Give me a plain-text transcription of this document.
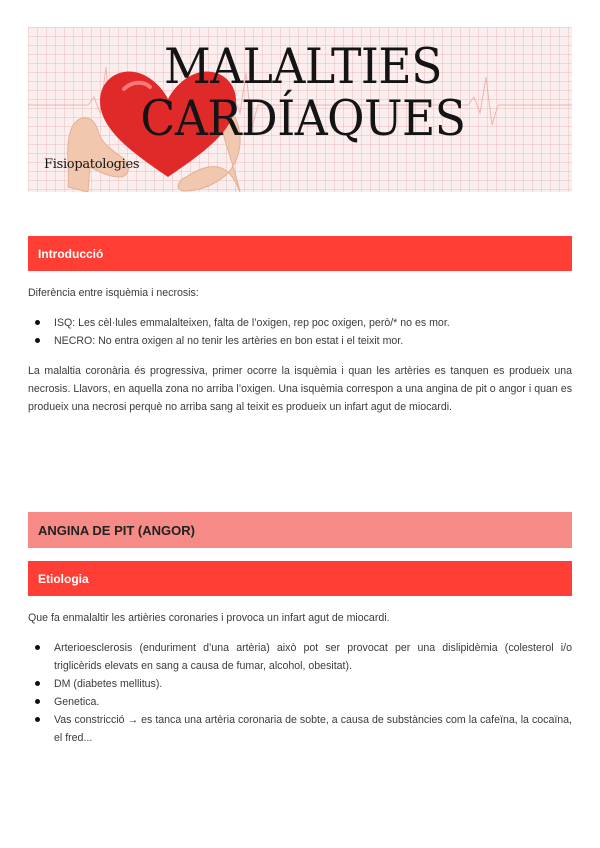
MALALTIES
CARDÍAQUES
Fisiopatologies
Introducció

Diferència entre isquèmia i necrosis:

ISQ: Les cèl·lules emmalalteixen, falta de l’oxigen, rep poc oxigen, però/* no es mor.
NECRO: No entra oxigen al no tenir les artèries en bon estat i el teixit mor.

La malaltia coronària és progressiva, primer ocorre la isquèmia i quan les artèries es tanquen es produeix una necrosis. Llavors, en aquella zona no arriba l’oxigen. Una isquèmia correspon a una angina de pit o angor i quan es produeix una necrosi perquè no arriba sang al teixit es produeix un infart agut de miocardi.

ANGINA DE PIT (ANGOR)
Etiologia

Que fa enmalaltir les artièries coronaries i provoca un infart agut de miocardi.

Arterioesclerosis (enduriment d’una artèria) això pot ser provocat per una dislipidèmia (colesterol i/o triglicèrids elevats en sang a causa de fumar, alcohol, obesitat).
DM (diabetes mellitus).
Genetica.
Vas constricció → es tanca una artèria coronaria de sobte, a causa de substàncies com la cafeïna, la cocaïna, el fred...
